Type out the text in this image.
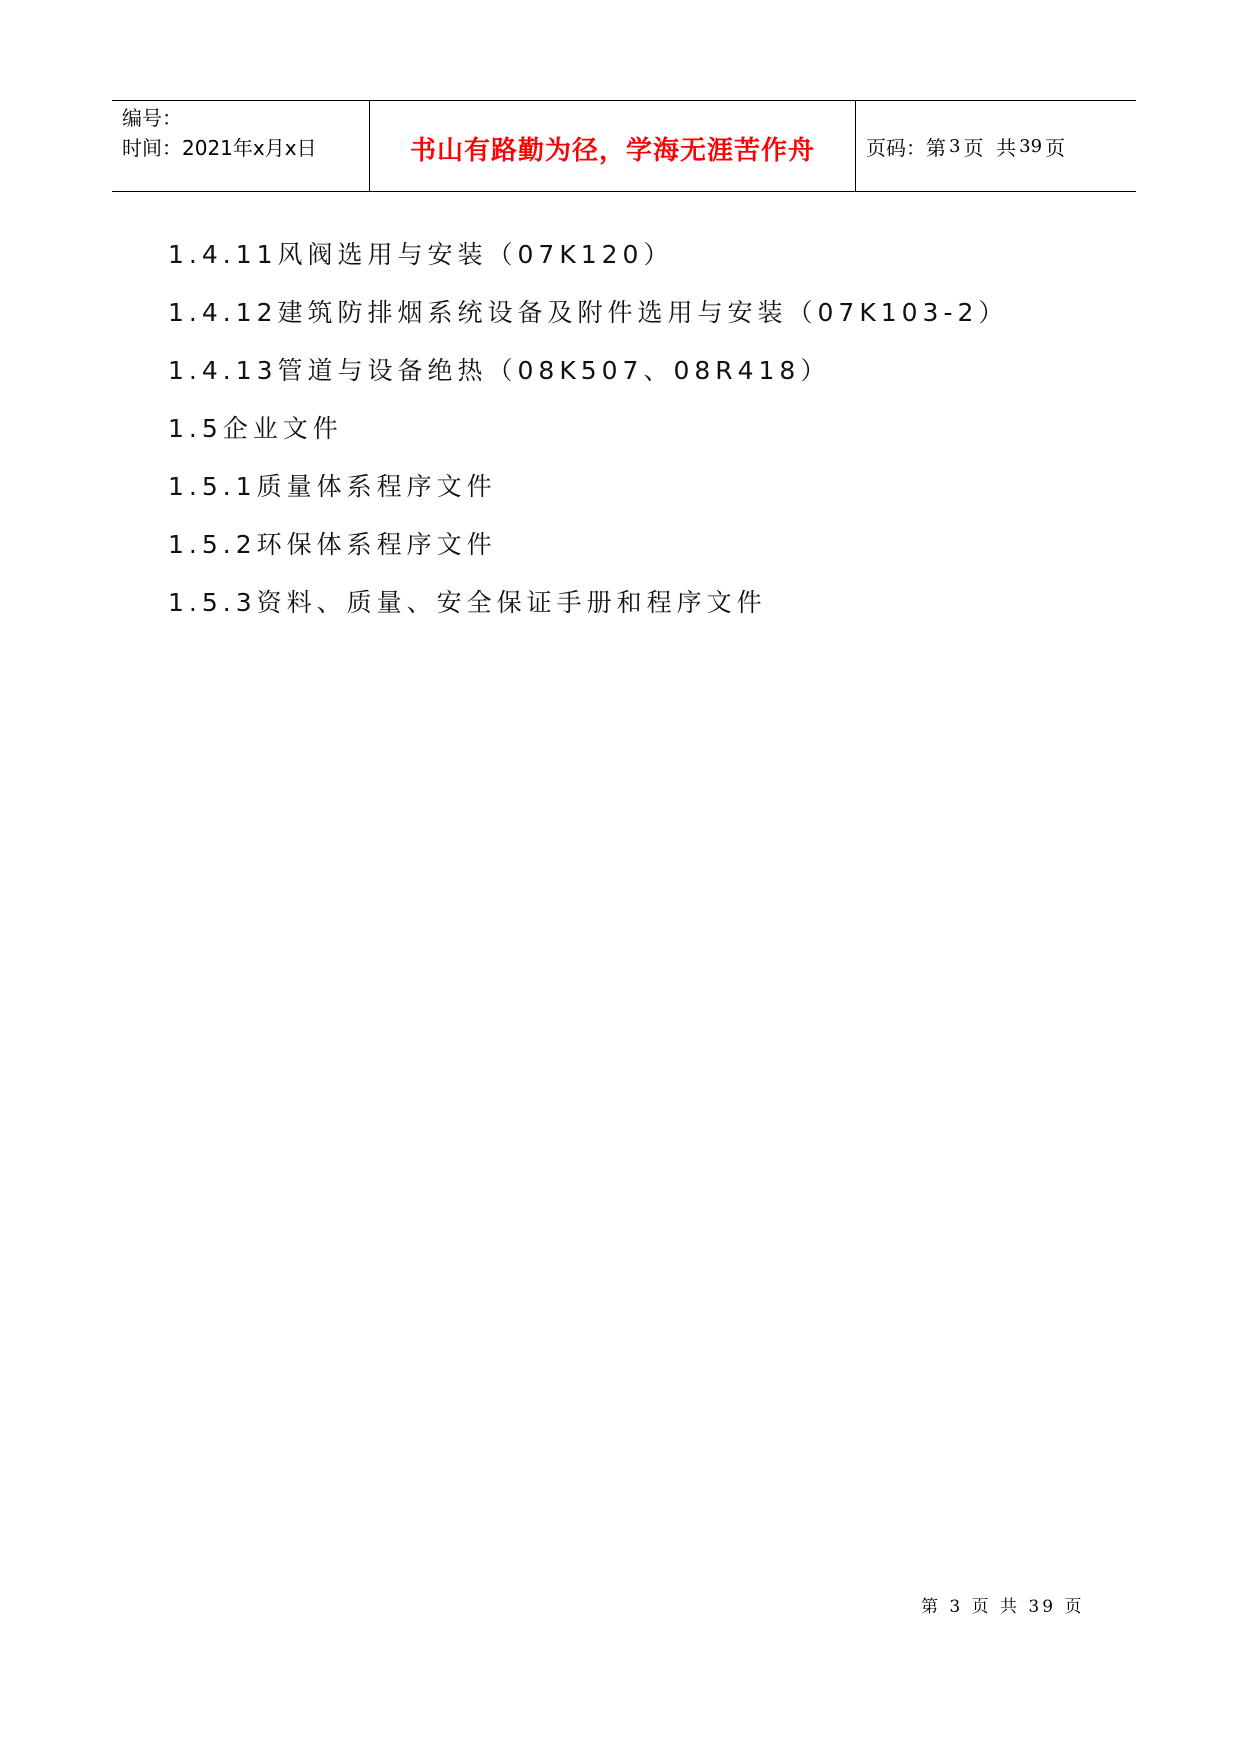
编号：
时间：2021年x月x日	书山有路勤为径，学海无涯苦作舟	页码：第 3 页  共 39 页
1.4.11风阀选用与安装（07K120）
1.4.12建筑防排烟系统设备及附件选用与安装（07K103-2）
1.4.13管道与设备绝热（08K507、08R418）
1.5企业文件
1.5.1质量体系程序文件
1.5.2环保体系程序文件
1.5.3资料、质量、安全保证手册和程序文件
第 3 页 共 39 页
